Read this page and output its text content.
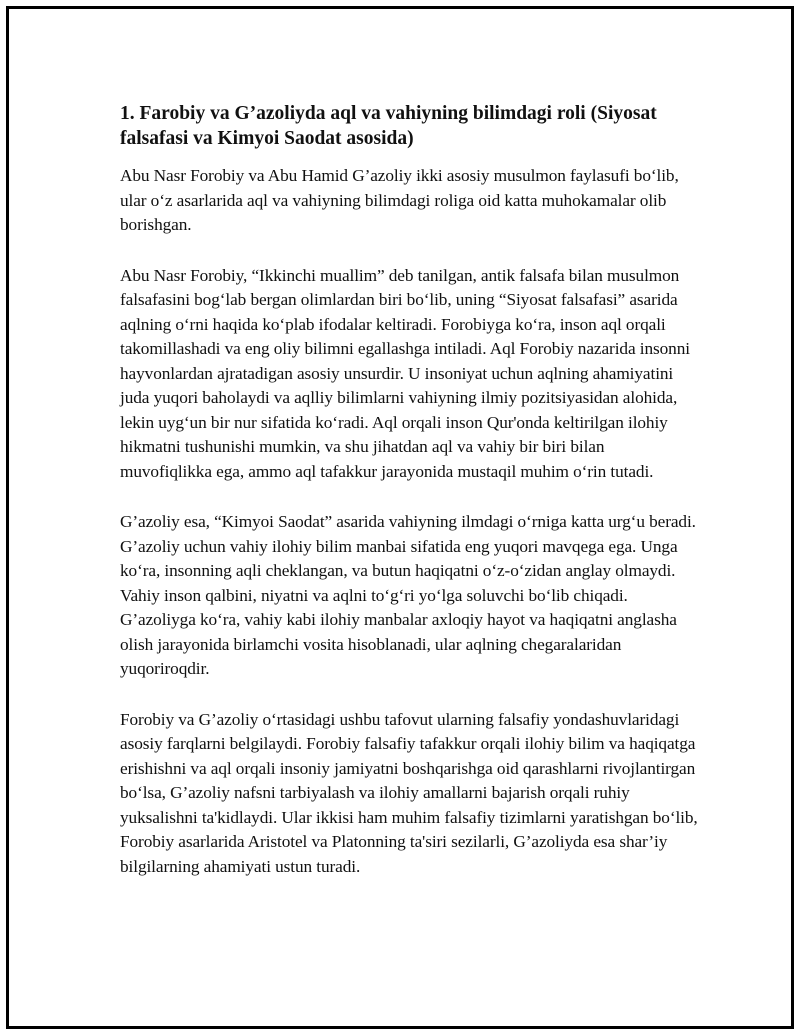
1. Farobiy va G’azoliyda aql va vahiyning bilimdagi roli (Siyosat falsafasi va Kimyoi Saodat asosida)

Abu Nasr Forobiy va Abu Hamid G’azoliy ikki asosiy musulmon faylasufi bo‘lib, ular o‘z asarlarida aql va vahiyning bilimdagi roliga oid katta muhokamalar olib borishgan.

Abu Nasr Forobiy, “Ikkinchi muallim” deb tanilgan, antik falsafa bilan musulmon falsafasini bog‘lab bergan olimlardan biri bo‘lib, uning “Siyosat falsafasi” asarida aqlning o‘rni haqida ko‘plab ifodalar keltiradi. Forobiyga ko‘ra, inson aql orqali takomillashadi va eng oliy bilimni egallashga intiladi. Aql Forobiy nazarida insonni hayvonlardan ajratadigan asosiy unsurdir. U insoniyat uchun aqlning ahamiyatini juda yuqori baholaydi va aqlliy bilimlarni vahiyning ilmiy pozitsiyasidan alohida, lekin uyg‘un bir nur sifatida ko‘radi. Aql orqali inson Qur'onda keltirilgan ilohiy hikmatni tushunishi mumkin, va shu jihatdan aql va vahiy bir biri bilan muvofiqlikka ega, ammo aql tafakkur jarayonida mustaqil muhim o‘rin tutadi.

G’azoliy esa, “Kimyoi Saodat” asarida vahiyning ilmdagi o‘rniga katta urg‘u beradi. G’azoliy uchun vahiy ilohiy bilim manbai sifatida eng yuqori mavqega ega. Unga ko‘ra, insonning aqli cheklangan, va butun haqiqatni o‘z-o‘zidan anglay olmaydi. Vahiy inson qalbini, niyatni va aqlni to‘g‘ri yo‘lga soluvchi bo‘lib chiqadi. G’azoliyga ko‘ra, vahiy kabi ilohiy manbalar axloqiy hayot va haqiqatni anglasha olish jarayonida birlamchi vosita hisoblanadi, ular aqlning chegaralaridan yuqoriroqdir.

Forobiy va G’azoliy o‘rtasidagi ushbu tafovut ularning falsafiy yondashuvlaridagi asosiy farqlarni belgilaydi. Forobiy falsafiy tafakkur orqali ilohiy bilim va haqiqatga erishishni va aql orqali insoniy jamiyatni boshqarishga oid qarashlarni rivojlantirgan bo‘lsa, G’azoliy nafsni tarbiyalash va ilohiy amallarni bajarish orqali ruhiy yuksalishni ta'kidlaydi. Ular ikkisi ham muhim falsafiy tizimlarni yaratishgan bo‘lib, Forobiy asarlarida Aristotel va Platonning ta'siri sezilarli, G’azoliyda esa shar’iy bilgilarning ahamiyati ustun turadi.
